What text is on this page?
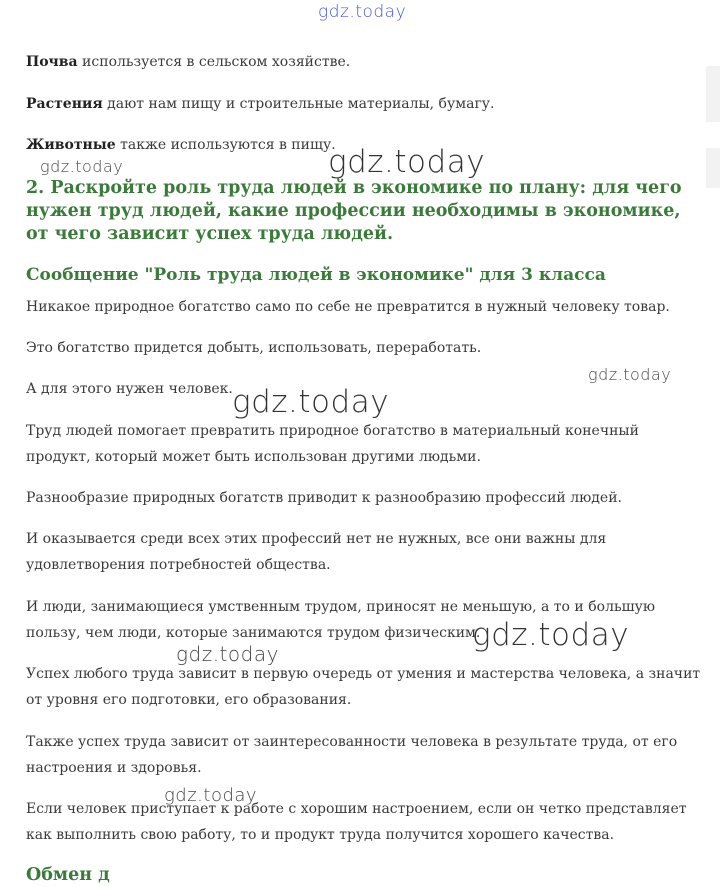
Почва используется в сельском хозяйстве.

Растения дают нам пищу и строительные материалы, бумагу.

Животные также используются в пищу.

2. Раскройте роль труда людей в экономике по плану: для чего
нужен труд людей, какие профессии необходимы в экономике,
от чего зависит успех труда людей.
Сообщение "Роль труда людей в экономике" для 3 класса

Никакое природное богатство само по себе не превратится в нужный человеку товар.

Это богатство придется добыть, использовать, переработать.

А для этого нужен человек.

Труд людей помогает превратить природное богатство в материальный конечный
продукт, который может быть использован другими людьми.

Разнообразие природных богатств приводит к разнообразию профессий людей.

И оказывается среди всех этих профессий нет не нужных, все они важны для
удовлетворения потребностей общества.

И люди, занимающиеся умственным трудом, приносят не меньшую, а то и большую
пользу, чем люди, которые занимаются трудом физическим.

Успех любого труда зависит в первую очередь от умения и мастерства человека, а значит
от уровня его подготовки, его образования.

Также успех труда зависит от заинтересованности человека в результате труда, от его
настроения и здоровья.

Если человек приступает к работе с хорошим настроением, если он четко представляет
как выполнить свою работу, то и продукт труда получится хорошего качества.

Обмен д
gdz.today
gdz.today	gdz.today
gdz.today
gdz.today
gdz.today
gdz.today
gdz.today
